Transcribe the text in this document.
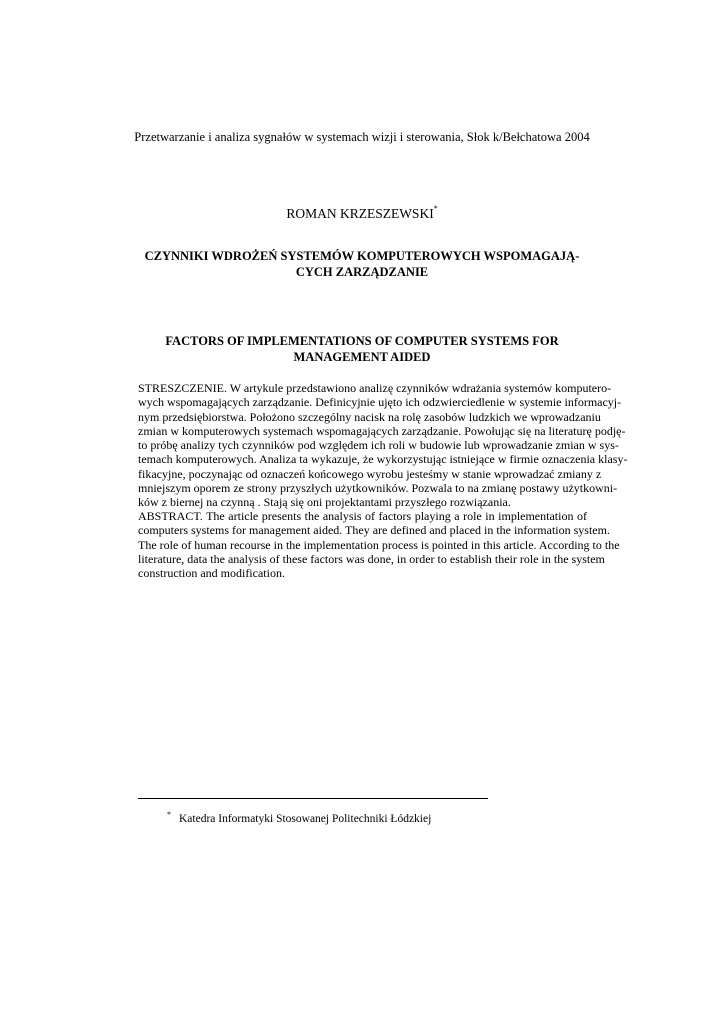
Przetwarzanie i analiza sygnałów w systemach wizji i sterowania, Słok k/Bełchatowa 2004
ROMAN KRZESZEWSKI*
CZYNNIKI WDROŻEŃ SYSTEMÓW KOMPUTEROWYCH WSPOMAGAJĄ-
CYCH ZARZĄDZANIE
FACTORS OF IMPLEMENTATIONS OF COMPUTER SYSTEMS FOR
MANAGEMENT AIDED
STRESZCZENIE. W artykule przedstawiono analizę czynników wdrażania systemów komputero-
wych wspomagających zarządzanie. Definicyjnie ujęto ich odzwierciedlenie w systemie informacyj-
nym przedsiębiorstwa. Położono szczególny nacisk na rolę zasobów ludzkich we wprowadzaniu
zmian w komputerowych systemach wspomagających zarządzanie. Powołując się na literaturę podję-
to próbę analizy tych czynników pod względem ich roli w budowie lub wprowadzanie zmian w sys-
temach komputerowych. Analiza ta wykazuje, że wykorzystując istniejące w firmie oznaczenia klasy-
fikacyjne, poczynając od oznaczeń końcowego wyrobu jesteśmy w stanie wprowadzać zmiany z
mniejszym oporem ze strony przyszłych użytkowników. Pozwala to na zmianę postawy użytkowni-
ków z biernej na czynną . Stają się oni projektantami przyszłego rozwiązania.
ABSTRACT. The article presents the analysis of factors playing a role in implementation of
computers systems for management aided. They are defined and placed in the information system.
The role of human recourse in the implementation process is pointed in this article. According to the
literature, data the analysis of these factors was done, in order to establish their role in the system
construction and modification.
* Katedra Informatyki Stosowanej Politechniki Łódzkiej
